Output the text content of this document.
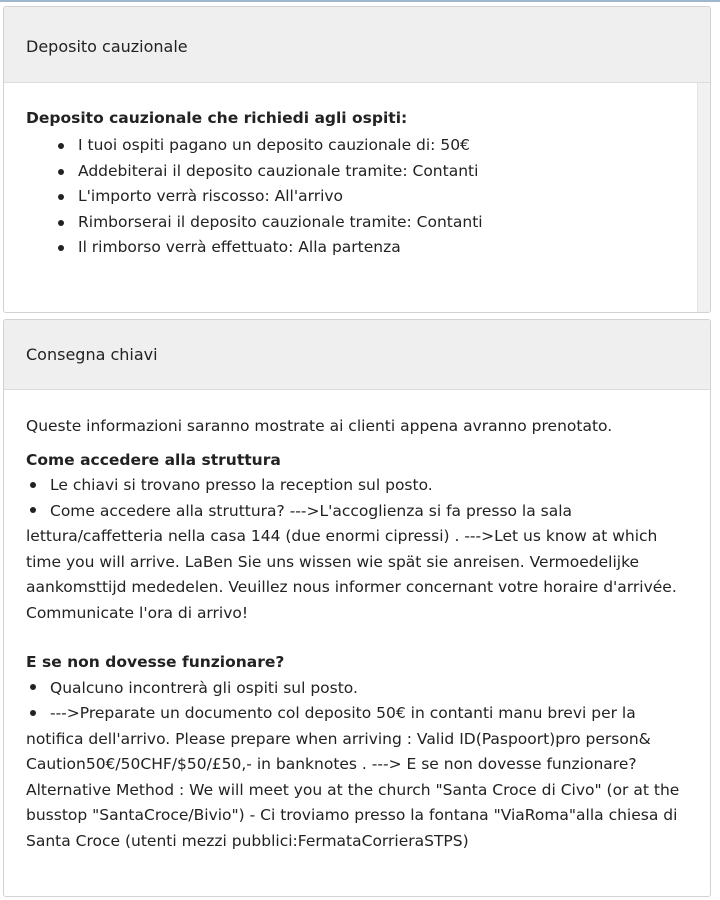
Deposito cauzionale
Deposito cauzionale che richiedi agli ospiti:
I tuoi ospiti pagano un deposito cauzionale di: 50€
Addebiterai il deposito cauzionale tramite: Contanti
L'importo verrà riscosso: All'arrivo
Rimborserai il deposito cauzionale tramite: Contanti
Il rimborso verrà effettuato: Alla partenza
Consegna chiavi

Queste informazioni saranno mostrate ai clienti appena avranno prenotato.

Come accedere alla struttura

Le chiavi si trovano presso la reception sul posto.

Come accedere alla struttura? --->L'accoglienza si fa presso la sala lettura/caffetteria nella casa 144 (due enormi cipressi) . --->Let us know at which time you will arrive. LaBen Sie uns wissen wie spät sie anreisen. Vermoedelijke aankomsttijd mededelen. Veuillez nous informer concernant votre horaire d'arrivée. Communicate l'ora di arrivo!

E se non dovesse funzionare?

Qualcuno incontrerà gli ospiti sul posto.

--->Preparate un documento col deposito 50€ in contanti manu brevi per la notifica dell'arrivo. Please prepare when arriving : Valid ID(Paspoort)pro person& Caution50€/50CHF/$50/£50,- in banknotes . ---> E se non dovesse funzionare? Alternative Method : We will meet you at the church "Santa Croce di Civo" (or at the busstop "SantaCroce/Bivio") - Ci troviamo presso la fontana "ViaRoma"alla chiesa di Santa Croce (utenti mezzi pubblici:FermataCorrieraSTPS)
